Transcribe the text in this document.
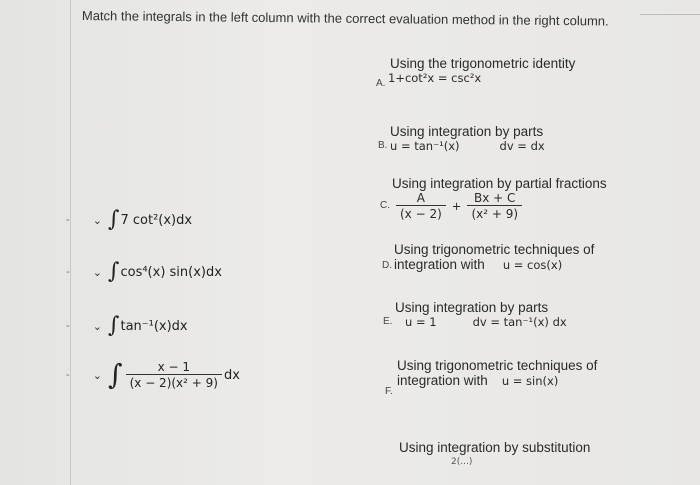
Match the integrals in the left column with the correct evaluation method in the right column.
- ⌄ ∫ 7 cot²(x)dx
- ⌄ ∫ cos⁴(x) sin(x)dx
- ⌄ ∫ tan⁻¹(x)dx
- ⌄ ∫ $\frac{x - 1}{\text{(x − 2)(x² + 9)}}$ dx
A.
Using the trigonometric identity
1+cot²x = csc²x
B.
Using integration by parts
u = tan⁻¹(x)	dv = dx
C.
Using integration by partial fractions
$\frac{A}{(x - 2)} + \frac{Bx + C}{\text{(x² + 9)}}$
D.
Using trigonometric techniques of
integration with u = cos(x)
E.
Using integration by parts
u = 1	dv = tan⁻¹(x) dx
F.
Using trigonometric techniques of
integration with u = sin(x)
Using integration by substitution
2(...)
